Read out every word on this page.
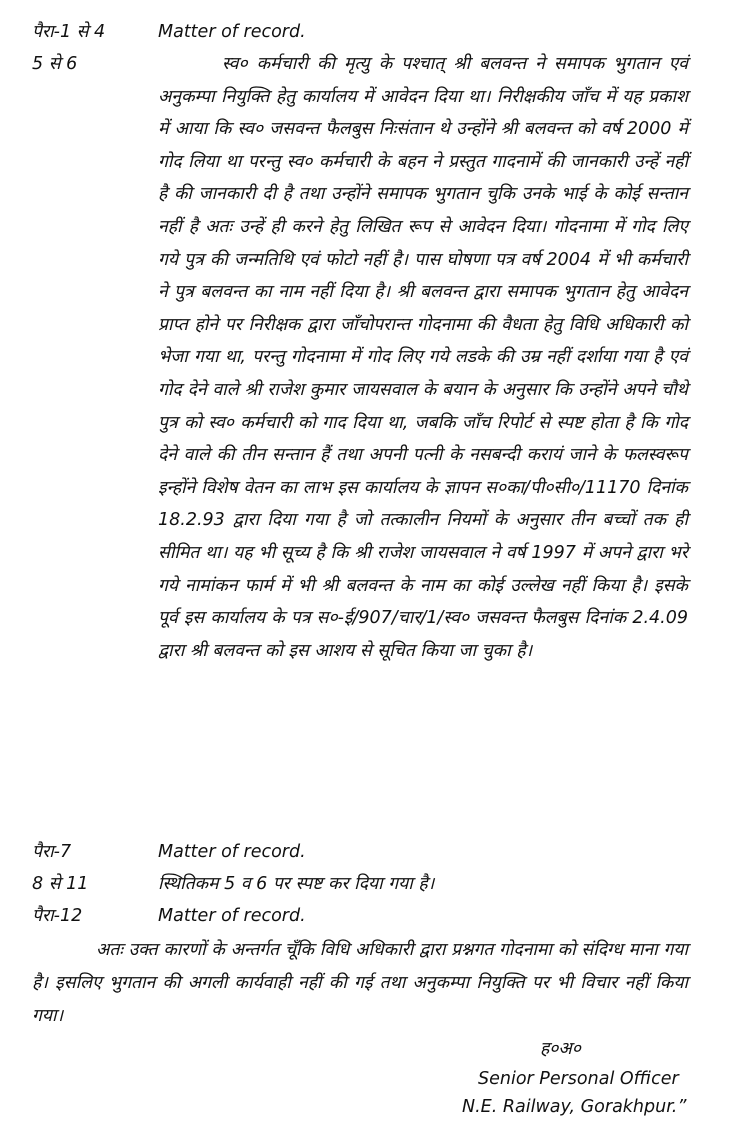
पैरा-1 से 4	Matter of record.
5 से 6	स्व० कर्मचारी की मृत्यु के पश्चात् श्री बलवन्त ने समापक भुगतान एवं अनुकम्पा नियुक्ति हेतु कार्यालय में आवेदन दिया था। निरीक्षकीय जाँच में यह प्रकाश में आया कि स्व० जसवन्त फैलबुस निःसंतान थे उन्होंने श्री बलवन्त को वर्ष 2000 में गोद लिया था परन्तु स्व० कर्मचारी के बहन ने प्रस्तुत गादनामें की जानकारी उन्हें नहीं है की जानकारी दी है तथा उन्होंने समापक भुगतान चुकि उनके भाई के कोई सन्तान नहीं है अतः उन्हें ही करने हेतु लिखित रूप से आवेदन दिया। गोदनामा में गोद लिए गये पुत्र की जन्मतिथि एवं फोटो नहीं है। पास घोषणा पत्र वर्ष 2004 में भी कर्मचारी ने पुत्र बलवन्त का नाम नहीं दिया है। श्री बलवन्त द्वारा समापक भुगतान हेतु आवेदन प्राप्त होने पर निरीक्षक द्वारा जाँचोपरान्त गोदनामा की वैधता हेतु विधि अधिकारी को भेजा गया था, परन्तु गोदनामा में गोद लिए गये लडके की उम्र नहीं दर्शाया गया है एवं गोद देने वाले श्री राजेश कुमार जायसवाल के बयान के अनुसार कि उन्होंने अपने चौथे पुत्र को स्व० कर्मचारी को गाद दिया था, जबकि जाँच रिपोर्ट से स्पष्ट होता है कि गोद देने वाले की तीन सन्तान हैं तथा अपनी पत्नी के नसबन्दी करायं जाने के फलस्वरूप इन्होंने विशेष वेतन का लाभ इस कार्यालय के ज्ञापन स०का/पी०सी०/11170 दिनांक 18.2.93 द्वारा दिया गया है जो तत्कालीन नियमों के अनुसार तीन बच्चों तक ही सीमित था। यह भी सूच्य है कि श्री राजेश जायसवाल ने वर्ष 1997 में अपने द्वारा भरे गये नामांकन फार्म में भी श्री बलवन्त के नाम का कोई उल्लेख नहीं किया है। इसके पूर्व इस कार्यालय के पत्र स०-ई/907/चार/1/स्व० जसवन्त फैलबुस दिनांक 2.4.09 द्वारा श्री बलवन्त को इस आशय से सूचित किया जा चुका है।

पैरा-7	Matter of record.
8 से 11	स्थितिकम 5 व 6 पर स्पष्ट कर दिया गया है।
पैरा-12	Matter of record.

अतः उक्त कारणों के अन्तर्गत चूँकि विधि अधिकारी द्वारा प्रश्नगत गोदनामा को संदिग्ध माना गया है। इसलिए भुगतान की अगली कार्यवाही नहीं की गई तथा अनुकम्पा नियुक्ति पर भी विचार नहीं किया गया।

ह०अ०
Senior Personal Officer
N.E. Railway, Gorakhpur.”
